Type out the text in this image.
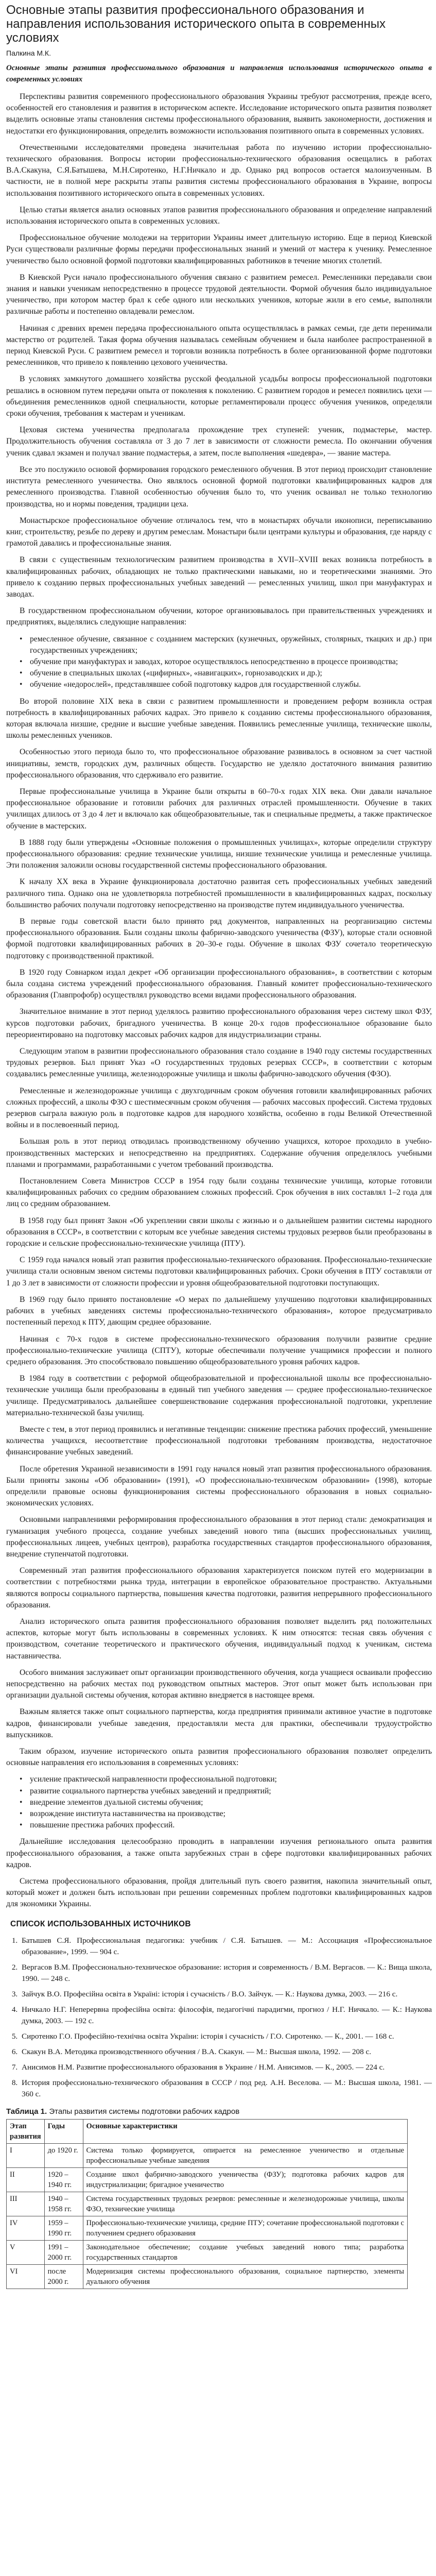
Основные этапы развития профессионального образования и направления использования исторического опыта в современных условиях
Палкина М.К.

Основные этапы развития профессионального образования и направления использования исторического опыта в современных условиях

Перспективы развития современного профессионального образования Украины требуют рассмотрения, прежде всего, особенностей его становления и развития в историческом аспекте. Исследование исторического опыта развития позволяет выделить основные этапы становления системы профессионального образования, выявить закономерности, достижения и недостатки его функционирования, определить возможности использования позитивного опыта в современных условиях.

Отечественными исследователями проведена значительная работа по изучению истории профессионально-технического образования. Вопросы истории профессионально-технического образования освещались в работах В.А.Скакуна, С.Я.Батышева, М.Н.Сиротенко, Н.Г.Ничкало и др. Однако ряд вопросов остается малоизученным. В частности, не в полной мере раскрыты этапы развития системы профессионального образования в Украине, вопросы использования позитивного исторического опыта в современных условиях.

Целью статьи является анализ основных этапов развития профессионального образования и определение направлений использования исторического опыта в современных условиях.

Профессиональное обучение молодежи на территории Украины имеет длительную историю. Еще в период Киевской Руси существовали различные формы передачи профессиональных знаний и умений от мастера к ученику. Ремесленное ученичество было основной формой подготовки квалифицированных работников в течение многих столетий.

В Киевской Руси начало профессионального обучения связано с развитием ремесел. Ремесленники передавали свои знания и навыки ученикам непосредственно в процессе трудовой деятельности. Формой обучения было индивидуальное ученичество, при котором мастер брал к себе одного или нескольких учеников, которые жили в его семье, выполняли различные работы и постепенно овладевали ремеслом.

Начиная с древних времен передача профессионального опыта осуществлялась в рамках семьи, где дети перенимали мастерство от родителей. Такая форма обучения называлась семейным обучением и была наиболее распространенной в период Киевской Руси. С развитием ремесел и торговли возникла потребность в более организованной форме подготовки ремесленников, что привело к появлению цехового ученичества.

В условиях замкнутого домашнего хозяйства русской феодальной усадьбы вопросы профессиональной подготовки решались в основном путем передачи опыта от поколения к поколению. С развитием городов и ремесел появились цехи — объединения ремесленников одной специальности, которые регламентировали процесс обучения учеников, определяли сроки обучения, требования к мастерам и ученикам.

Цеховая система ученичества предполагала прохождение трех ступеней: ученик, подмастерье, мастер. Продолжительность обучения составляла от 3 до 7 лет в зависимости от сложности ремесла. По окончании обучения ученик сдавал экзамен и получал звание подмастерья, а затем, после выполнения «шедевра», — звание мастера.

Все это послужило основой формирования городского ремесленного обучения. В этот период происходит становление института ремесленного ученичества. Оно являлось основной формой подготовки квалифицированных кадров для ремесленного производства. Главной особенностью обучения было то, что ученик осваивал не только технологию производства, но и нормы поведения, традиции цеха.

Монастырское профессиональное обучение отличалось тем, что в монастырях обучали иконописи, переписыванию книг, строительству, резьбе по дереву и другим ремеслам. Монастыри были центрами культуры и образования, где наряду с грамотой давались и профессиональные знания.

В связи с существенным технологическим развитием производства в XVII–XVIII веках возникла потребность в квалифицированных рабочих, обладающих не только практическими навыками, но и теоретическими знаниями. Это привело к созданию первых профессиональных учебных заведений — ремесленных училищ, школ при мануфактурах и заводах.

В государственном профессиональном обучении, которое организовывалось при правительственных учреждениях и предприятиях, выделялись следующие направления:

• ремесленное обучение, связанное с созданием мастерских (кузнечных, оружейных, столярных, ткацких и др.) при государственных учреждениях;
• обучение при мануфактурах и заводах, которое осуществлялось непосредственно в процессе производства;
• обучение в специальных школах («цифирных», «навигацких», горнозаводских и др.);
• обучение «недорослей», представлявшее собой подготовку кадров для государственной службы.

Во второй половине XIX века в связи с развитием промышленности и проведением реформ возникла острая потребность в квалифицированных рабочих кадрах. Это привело к созданию системы профессионального образования, которая включала низшие, средние и высшие учебные заведения. Появились ремесленные училища, технические школы, школы ремесленных учеников.

Особенностью этого периода было то, что профессиональное образование развивалось в основном за счет частной инициативы, земств, городских дум, различных обществ. Государство не уделяло достаточного внимания развитию профессионального образования, что сдерживало его развитие.

Первые профессиональные училища в Украине были открыты в 60–70-х годах XIX века. Они давали начальное профессиональное образование и готовили рабочих для различных отраслей промышленности. Обучение в таких училищах длилось от 3 до 4 лет и включало как общеобразовательные, так и специальные предметы, а также практическое обучение в мастерских.

В 1888 году были утверждены «Основные положения о промышленных училищах», которые определили структуру профессионального образования: средние технические училища, низшие технические училища и ремесленные училища. Эти положения заложили основы государственной системы профессионального образования.

К началу XX века в Украине функционировала достаточно развитая сеть профессиональных учебных заведений различного типа. Однако она не удовлетворяла потребностей промышленности в квалифицированных кадрах, поскольку большинство рабочих получали подготовку непосредственно на производстве путем индивидуального ученичества.

В первые годы советской власти было принято ряд документов, направленных на реорганизацию системы профессионального образования. Были созданы школы фабрично-заводского ученичества (ФЗУ), которые стали основной формой подготовки квалифицированных рабочих в 20–30-е годы. Обучение в школах ФЗУ сочетало теоретическую подготовку с производственной практикой.

В 1920 году Совнарком издал декрет «Об организации профессионального образования», в соответствии с которым была создана система учреждений профессионального образования. Главный комитет профессионально-технического образования (Главпрофобр) осуществлял руководство всеми видами профессионального образования.

Значительное внимание в этот период уделялось развитию профессионального образования через систему школ ФЗУ, курсов подготовки рабочих, бригадного ученичества. В конце 20-х годов профессиональное образование было переориентировано на подготовку массовых рабочих кадров для индустриализации страны.

Следующим этапом в развитии профессионального образования стало создание в 1940 году системы государственных трудовых резервов. Был принят Указ «О государственных трудовых резервах СССР», в соответствии с которым создавались ремесленные училища, железнодорожные училища и школы фабрично-заводского обучения (ФЗО).

Ремесленные и железнодорожные училища с двухгодичным сроком обучения готовили квалифицированных рабочих сложных профессий, а школы ФЗО с шестимесячным сроком обучения — рабочих массовых профессий. Система трудовых резервов сыграла важную роль в подготовке кадров для народного хозяйства, особенно в годы Великой Отечественной войны и в послевоенный период.

Большая роль в этот период отводилась производственному обучению учащихся, которое проходило в учебно-производственных мастерских и непосредственно на предприятиях. Содержание обучения определялось учебными планами и программами, разработанными с учетом требований производства.

Постановлением Совета Министров СССР в 1954 году были созданы технические училища, которые готовили квалифицированных рабочих со средним образованием сложных профессий. Срок обучения в них составлял 1–2 года для лиц со средним образованием.

В 1958 году был принят Закон «Об укреплении связи школы с жизнью и о дальнейшем развитии системы народного образования в СССР», в соответствии с которым все учебные заведения системы трудовых резервов были преобразованы в городские и сельские профессионально-технические училища (ПТУ).

С 1959 года начался новый этап развития профессионально-технического образования. Профессионально-технические училища стали основным звеном системы подготовки квалифицированных рабочих. Сроки обучения в ПТУ составляли от 1 до 3 лет в зависимости от сложности профессии и уровня общеобразовательной подготовки поступающих.

В 1969 году было принято постановление «О мерах по дальнейшему улучшению подготовки квалифицированных рабочих в учебных заведениях системы профессионально-технического образования», которое предусматривало постепенный переход к ПТУ, дающим среднее образование.

Начиная с 70-х годов в системе профессионально-технического образования получили развитие средние профессионально-технические училища (СПТУ), которые обеспечивали получение учащимися профессии и полного среднего образования. Это способствовало повышению общеобразовательного уровня рабочих кадров.

В 1984 году в соответствии с реформой общеобразовательной и профессиональной школы все профессионально-технические училища были преобразованы в единый тип учебного заведения — среднее профессионально-техническое училище. Предусматривалось дальнейшее совершенствование содержания профессиональной подготовки, укрепление материально-технической базы училищ.

Вместе с тем, в этот период проявились и негативные тенденции: снижение престижа рабочих профессий, уменьшение количества учащихся, несоответствие профессиональной подготовки требованиям производства, недостаточное финансирование учебных заведений.

После обретения Украиной независимости в 1991 году начался новый этап развития профессионального образования. Были приняты законы «Об образовании» (1991), «О профессионально-техническом образовании» (1998), которые определили правовые основы функционирования системы профессионального образования в новых социально-экономических условиях.

Основными направлениями реформирования профессионального образования в этот период стали: демократизация и гуманизация учебного процесса, создание учебных заведений нового типа (высших профессиональных училищ, профессиональных лицеев, учебных центров), разработка государственных стандартов профессионального образования, внедрение ступенчатой подготовки.

Современный этап развития профессионального образования характеризуется поиском путей его модернизации в соответствии с потребностями рынка труда, интеграции в европейское образовательное пространство. Актуальными являются вопросы социального партнерства, повышения качества подготовки, развития непрерывного профессионального образования.

Анализ исторического опыта развития профессионального образования позволяет выделить ряд положительных аспектов, которые могут быть использованы в современных условиях. К ним относятся: тесная связь обучения с производством, сочетание теоретического и практического обучения, индивидуальный подход к ученикам, система наставничества.

Особого внимания заслуживает опыт организации производственного обучения, когда учащиеся осваивали профессию непосредственно на рабочих местах под руководством опытных мастеров. Этот опыт может быть использован при организации дуальной системы обучения, которая активно внедряется в настоящее время.

Важным является также опыт социального партнерства, когда предприятия принимали активное участие в подготовке кадров, финансировали учебные заведения, предоставляли места для практики, обеспечивали трудоустройство выпускников.

Таким образом, изучение исторического опыта развития профессионального образования позволяет определить основные направления его использования в современных условиях:

• усиление практической направленности профессиональной подготовки;
• развитие социального партнерства учебных заведений и предприятий;
• внедрение элементов дуальной системы обучения;
• возрождение института наставничества на производстве;
• повышение престижа рабочих профессий.

Дальнейшие исследования целесообразно проводить в направлении изучения регионального опыта развития профессионального образования, а также опыта зарубежных стран в сфере подготовки квалифицированных рабочих кадров.

Система профессионального образования, пройдя длительный путь своего развития, накопила значительный опыт, который может и должен быть использован при решении современных проблем подготовки квалифицированных кадров для экономики Украины.

СПИСОК ИСПОЛЬЗОВАННЫХ ИСТОЧНИКОВ
1. Батышев С.Я. Профессиональная педагогика: учебник / С.Я. Батышев. — М.: Ассоциация «Профессиональное образование», 1999. — 904 с.
2. Вергасов В.М. Профессионально-техническое образование: история и современность / В.М. Вергасов. — К.: Вища школа, 1990. — 248 с.
3. Зайчук В.О. Професійна освіта в Україні: історія і сучасність / В.О. Зайчук. — К.: Наукова думка, 2003. — 216 с.
4. Ничкало Н.Г. Неперервна професійна освіта: філософія, педагогічні парадигми, прогноз / Н.Г. Ничкало. — К.: Наукова думка, 2003. — 192 с.
5. Сиротенко Г.О. Професійно-технічна освіта України: історія і сучасність / Г.О. Сиротенко. — К., 2001. — 168 с.
6. Скакун В.А. Методика производственного обучения / В.А. Скакун. — М.: Высшая школа, 1992. — 208 с.
7. Анисимов Н.М. Развитие профессионального образования в Украине / Н.М. Анисимов. — К., 2005. — 224 с.
8. История профессионально-технического образования в СССР / под ред. А.Н. Веселова. — М.: Высшая школа, 1981. — 360 с.
Таблица 1. Этапы развития системы подготовки рабочих кадров
Этап развития	Годы	Основные характеристики
I	до 1920 г.	Система только формируется, опирается на ремесленное ученичество и отдельные профессиональные учебные заведения
II	1920 – 1940 гг.	Создание школ фабрично-заводского ученичества (ФЗУ); подготовка рабочих кадров для индустриализации; бригадное ученичество
III	1940 – 1958 гг.	Система государственных трудовых резервов: ремесленные и железнодорожные училища, школы ФЗО, технические училища
IV	1959 – 1990 гг.	Профессионально-технические училища, средние ПТУ; сочетание профессиональной подготовки с получением среднего образования
V	1991 – 2000 гг.	Законодательное обеспечение; создание учебных заведений нового типа; разработка государственных стандартов
VI	после 2000 г.	Модернизация системы профессионального образования, социальное партнерство, элементы дуального обучения
